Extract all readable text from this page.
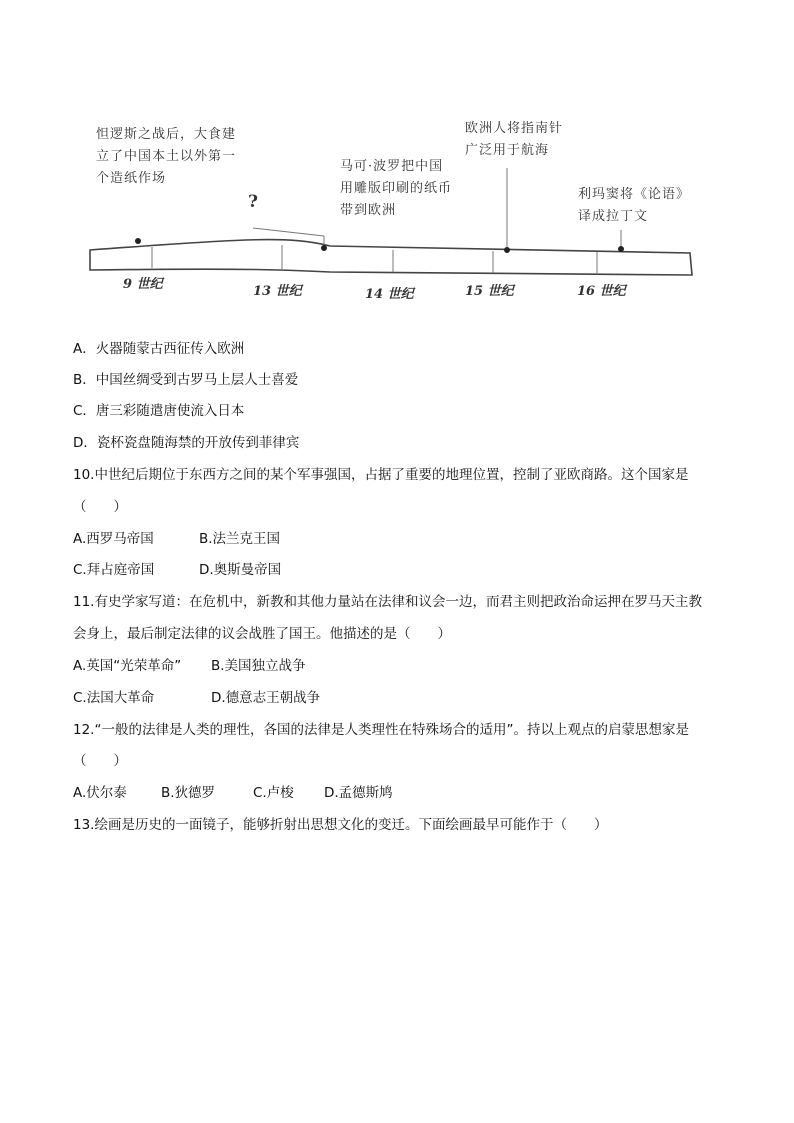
怛逻斯之战后，大食建
立了中国本土以外第一
个造纸作场
?
马可·波罗把中国
用雕版印刷的纸币
带到欧洲
欧洲人将指南针
广泛用于航海
利玛窦将《论语》
译成拉丁文
9 世纪	13 世纪	14 世纪	15 世纪	16 世纪
A．火器随蒙古西征传入欧洲
B．中国丝绸受到古罗马上层人士喜爱
C．唐三彩随遣唐使流入日本
D．瓷杯瓷盘随海禁的开放传到菲律宾
10.中世纪后期位于东西方之间的某个军事强国，占据了重要的地理位置，控制了亚欧商路。这个国家是
（　　）
A.西罗马帝国	B.法兰克王国
C.拜占庭帝国	D.奥斯曼帝国
11.有史学家写道：在危机中，新教和其他力量站在法律和议会一边，而君主则把政治命运押在罗马天主教
会身上，最后制定法律的议会战胜了国王。他描述的是（　　）
A.英国“光荣革命” B.美国独立战争
C.法国大革命	D.德意志王朝战争
12.“一般的法律是人类的理性，各国的法律是人类理性在特殊场合的适用”。持以上观点的启蒙思想家是
（　　）
A.伏尔泰	B.狄德罗	C.卢梭 D.孟德斯鸠
13.绘画是历史的一面镜子，能够折射出思想文化的变迁。下面绘画最早可能作于（　　）
